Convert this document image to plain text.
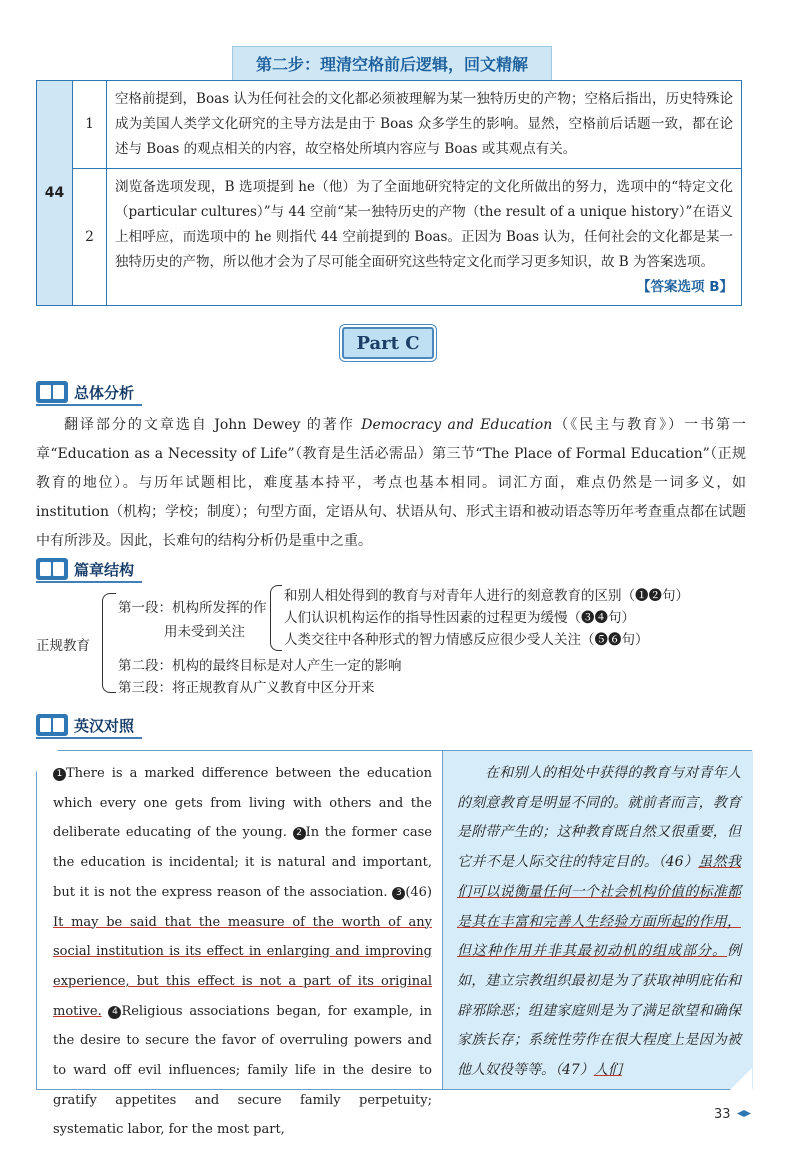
第二步：理清空格前后逻辑，回文精解
44	1	空格前提到，Boas 认为任何社会的文化都必须被理解为某一独特历史的产物；空格后指出，历史特殊论成为美国人类学文化研究的主导方法是由于 Boas 众多学生的影响。显然，空格前后话题一致，都在论述与 Boas 的观点相关的内容，故空格处所填内容应与 Boas 或其观点有关。
	2	浏览备选项发现，B 选项提到 he（他）为了全面地研究特定的文化所做出的努力，选项中的“特定文化（particular cultures）”与 44 空前“某一独特历史的产物（the result of a unique history）”在语义上相呼应，而选项中的 he 则指代 44 空前提到的 Boas。正因为 Boas 认为，任何社会的文化都是某一独特历史的产物，所以他才会为了尽可能全面研究这些特定文化而学习更多知识，故 B 为答案选项。
【答案选项 B】
Part C
总体分析
翻译部分的文章选自 John Dewey 的著作 Democracy and Education（《民主与教育》）一书第一章“Education as a Necessity of Life”（教育是生活必需品）第三节“The Place of Formal Education”（正规教育的地位）。与历年试题相比，难度基本持平，考点也基本相同。词汇方面，难点仍然是一词多义，如 institution（机构；学校；制度）；句型方面，定语从句、状语从句、形式主语和被动语态等历年考查重点都在试题中有所涉及。因此，长难句的结构分析仍是重中之重。
篇章结构
正规教育
第一段：机构所发挥的作
用未受到关注
和别人相处得到的教育与对青年人进行的刻意教育的区别（❶❷句）
人们认识机构运作的指导性因素的过程更为缓慢（❸❹句）
人类交往中各种形式的智力情感反应很少受人关注（❺❻句）
第二段：机构的最终目标是对人产生一定的影响
第三段：将正规教育从广义教育中区分开来
英汉对照
1 There is a marked difference between the education which every one gets from living with others and the deliberate educating of the young. 2 In the former case the education is incidental; it is natural and important, but it is not the express reason of the association. 3 (46) It may be said that the measure of the worth of any social institution is its effect in enlarging and improving experience, but this effect is not a part of its original motive. 4 Religious associations began, for example, in the desire to secure the favor of overruling powers and to ward off evil influences; family life in the desire to gratify appetites and secure family perpetuity; systematic labor, for the most part,
在和别人的相处中获得的教育与对青年人的刻意教育是明显不同的。就前者而言，教育是附带产生的；这种教育既自然又很重要，但它并不是人际交往的特定目的。（46）虽然我们可以说衡量任何一个社会机构价值的标准都是其在丰富和完善人生经验方面所起的作用，但这种作用并非其最初动机的组成部分。例如，建立宗教组织最初是为了获取神明庇佑和辟邪除恶；组建家庭则是为了满足欲望和确保家族长存；系统性劳作在很大程度上是因为被他人奴役等等。（47）人们
33
